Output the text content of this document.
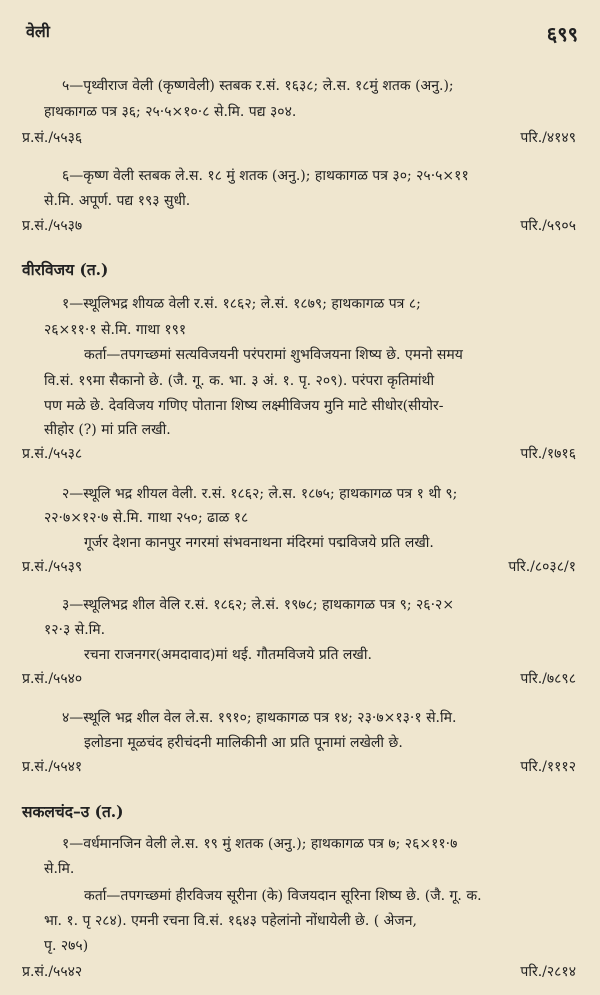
वेली	६९९
५—पृथ्वीराज वेली (कृष्णवेली) स्तबक र.सं. १६३८; ले.स. १८मुं शतक (अनु.);
हाथकागळ पत्र ३६; २५·५×१०·८ से.मि. पद्य ३०४.
प्र.सं./५५३६	परि./४१४९
६—कृष्ण वेली स्तबक ले.स. १८ मुं शतक (अनु.); हाथकागळ पत्र ३०; २५·५×११
से.मि. अपूर्ण. पद्य १९३ सुधी.
प्र.सं./५५३७	परि./५९०५
वीरविजय (त.)
१—स्थूलिभद्र शीयळ वेली र.सं. १८६२; ले.सं. १८७९; हाथकागळ पत्र ८;
२६×११·१ से.मि. गाथा १९१
कर्ता—तपगच्छमां सत्यविजयनी परंपरामां शुभविजयना शिष्य छे. एमनो समय
वि.सं. १९मा सैकानो छे. (जै. गू. क. भा. ३ अं. १. पृ. २०९). परंपरा कृतिमांथी
पण मळे छे. देवविजय गणिए पोताना शिष्य लक्ष्मीविजय मुनि माटे सीधोर(सीयोर-
सीहोर (?) मां प्रति लखी.
प्र.सं./५५३८	परि./१७१६
२—स्थूलि भद्र शीयल वेली. र.सं. १८६२; ले.स. १८७५; हाथकागळ पत्र १ थी ९;
२२·७×१२·७ से.मि. गाथा २५०; ढाळ १८
गूर्जर देशना कानपुर नगरमां संभवनाथना मंदिरमां पद्मविजये प्रति लखी.
प्र.सं./५५३९	परि./८०३८/१
३—स्थूलिभद्र शील वेलि र.सं. १८६२; ले.सं. १९७८; हाथकागळ पत्र ९; २६·२×
१२·३ से.मि.
रचना राजनगर(अमदावाद)मां थई. गौतमविजये प्रति लखी.
प्र.सं./५५४०	परि./७८९८
४—स्थूलि भद्र शील वेल ले.स. १९१०; हाथकागळ पत्र १४; २३·७×१३·१ से.मि.
इलोडना मूळचंद हरीचंदनी मालिकीनी आ प्रति पूनामां लखेली छे.
प्र.सं./५५४१	परि./१११२
सकलचंद–उ (त.)
१—वर्धमानजिन वेली ले.स. १९ मुं शतक (अनु.); हाथकागळ पत्र ७; २६×११·७
से.मि.
कर्ता—तपगच्छमां हीरविजय सूरीना (के) विजयदान सूरिना शिष्य छे. (जै. गू. क.
भा. १. पृ २८४). एमनी रचना वि.सं. १६४३ पहेलांनो नोंधायेली छे. ( अेजन,
पृ. २७५)
प्र.सं./५५४२	परि./२८१४
